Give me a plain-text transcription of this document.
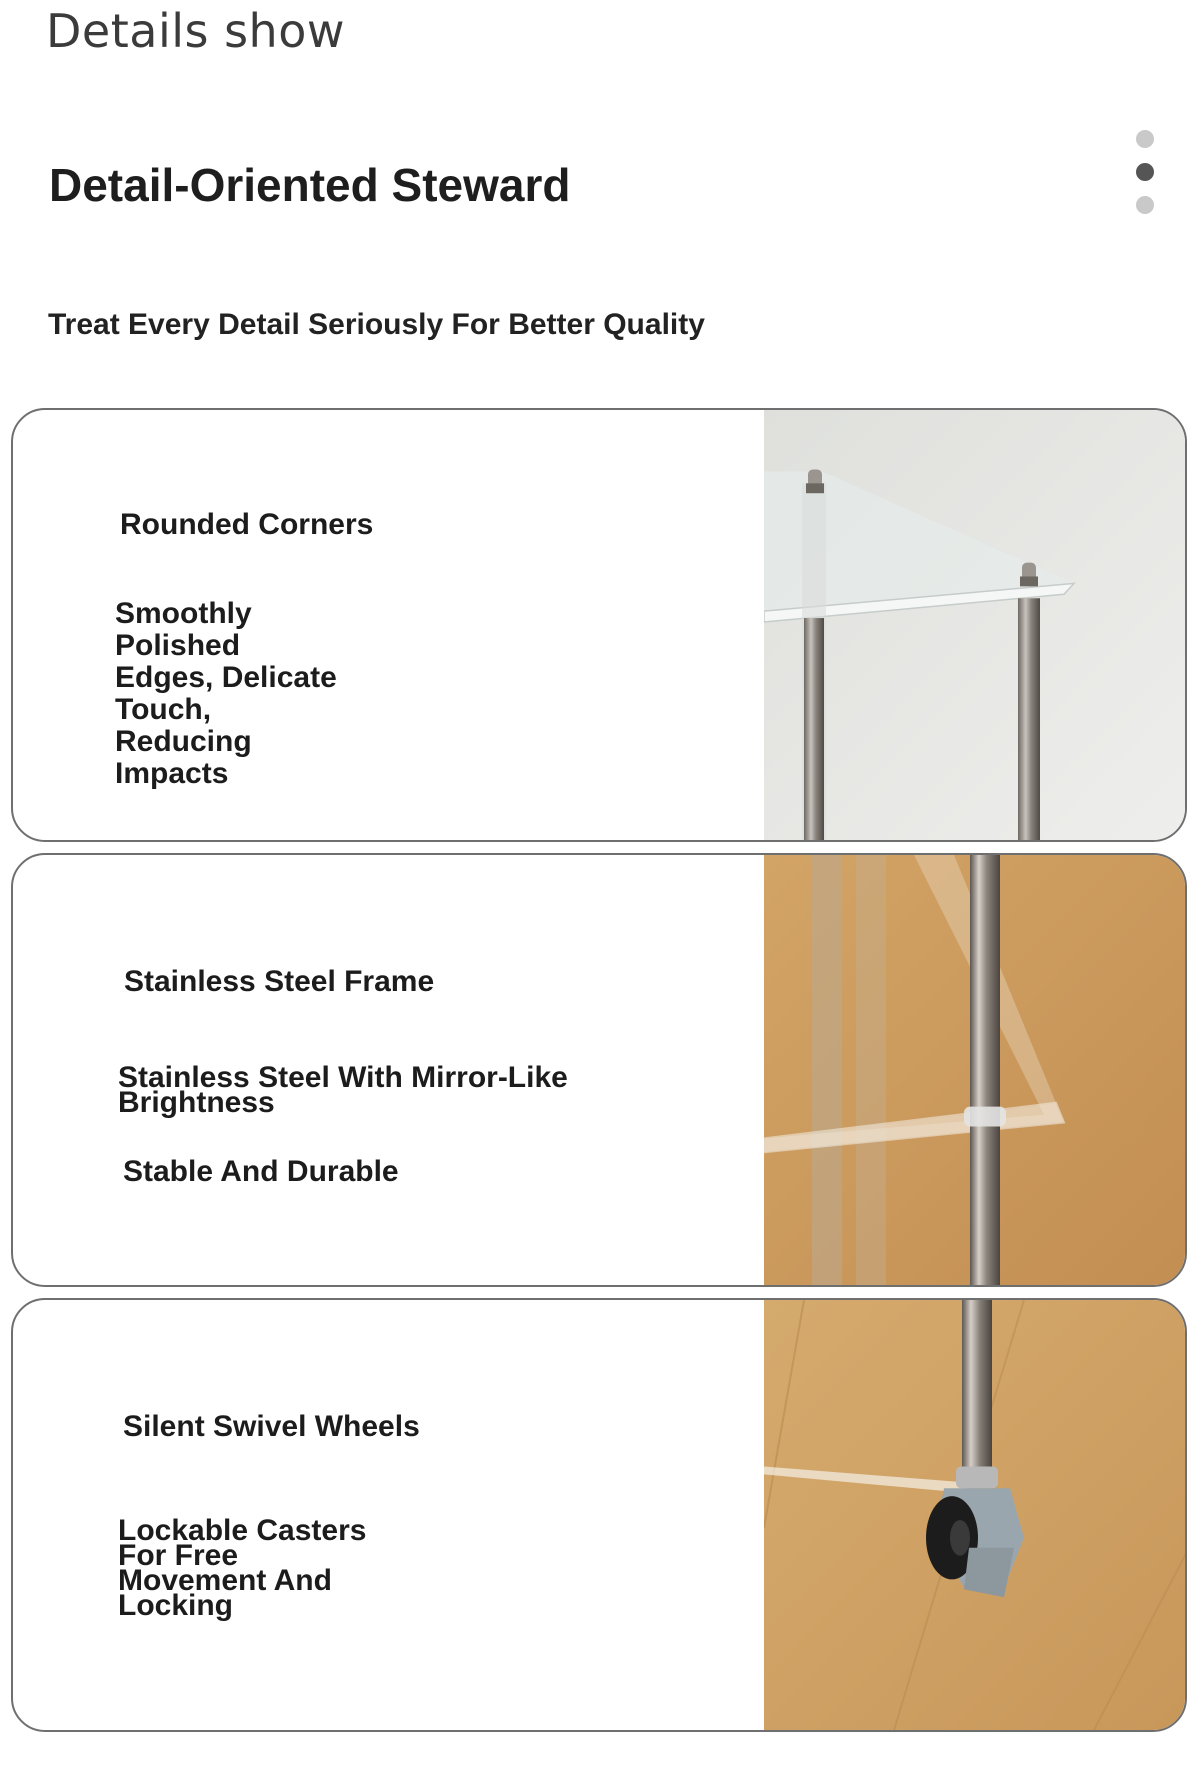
Details show
Detail-Oriented Steward
Treat Every Detail Seriously For Better Quality
Rounded Corners
Smoothly
Polished
Edges, Delicate
Touch,
Reducing
Impacts
Stainless Steel Frame
Stainless Steel With Mirror-Like
Brightness
Stable And Durable
Silent Swivel Wheels
Lockable Casters
For Free
Movement And
Locking
